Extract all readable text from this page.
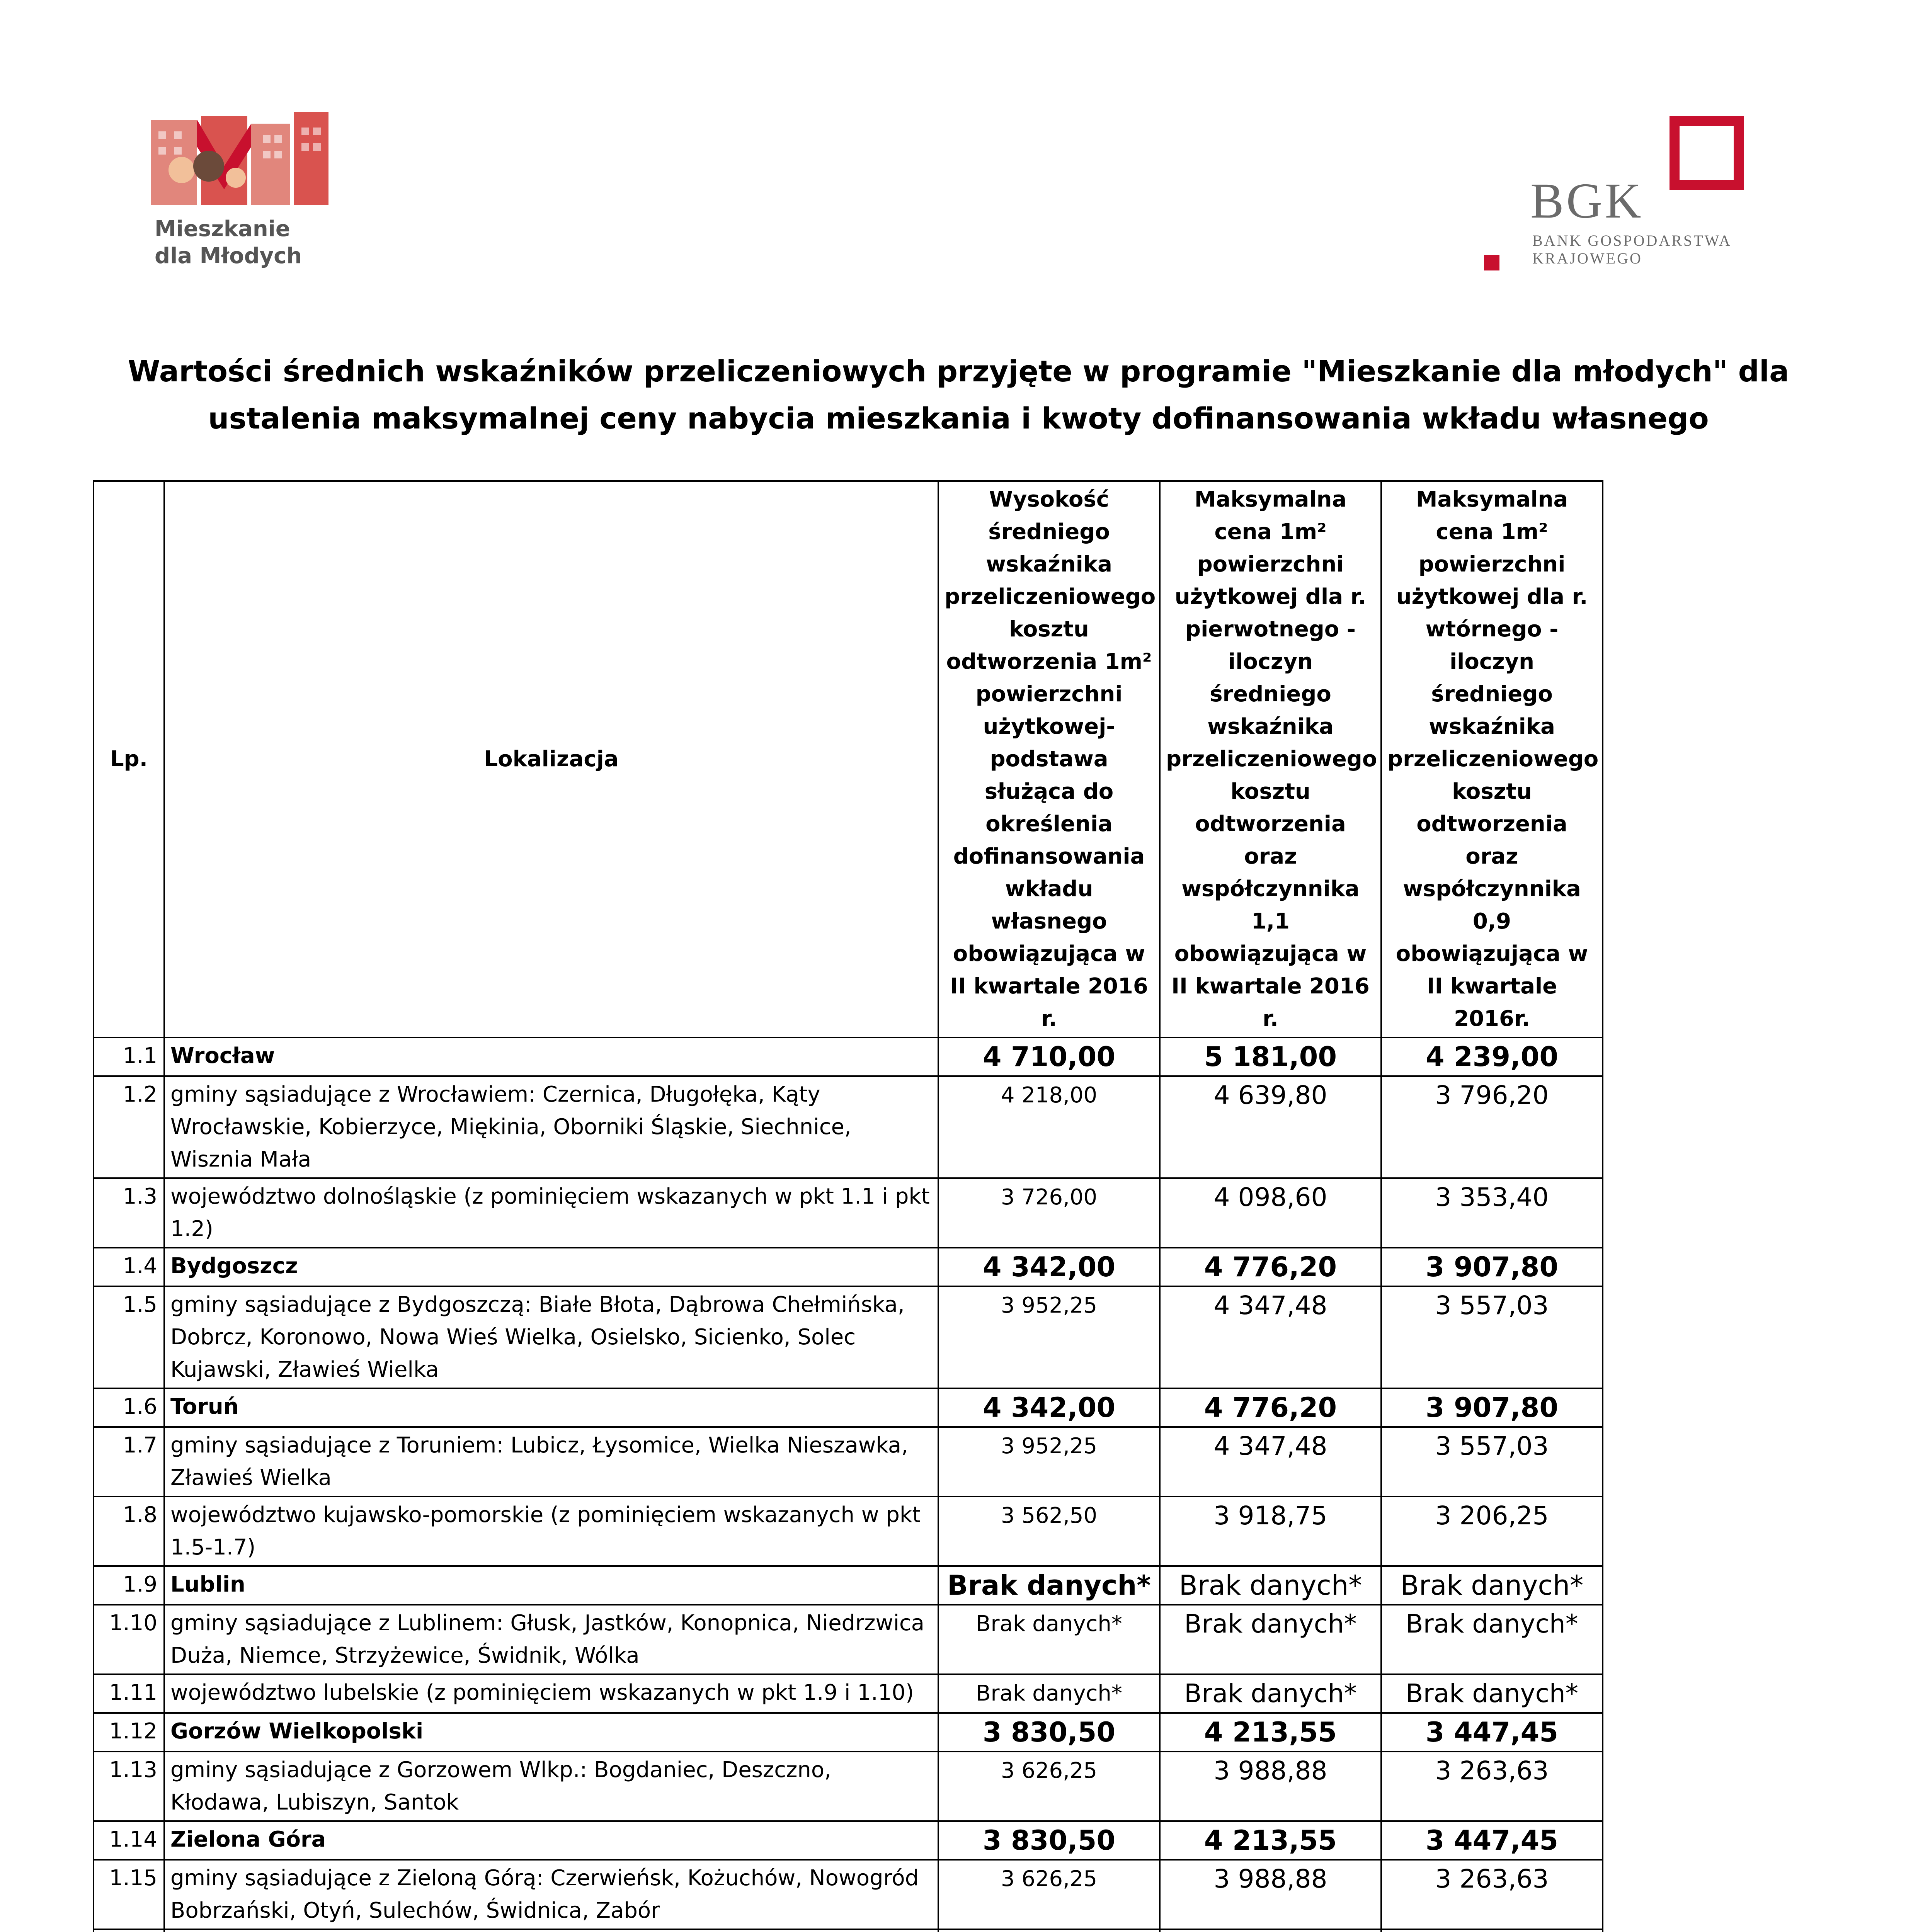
Mieszkanie
dla Młodych
BGK
BANK GOSPODARSTWA
KRAJOWEGO
Wartości średnich wskaźników przeliczeniowych przyjęte w programie "Mieszkanie dla młodych" dla ustalenia maksymalnej ceny nabycia mieszkania i kwoty dofinansowania wkładu własnego
Lp.	Lokalizacja	Wysokość średniego wskaźnika przeliczeniowego kosztu odtworzenia 1m² powierzchni użytkowej- podstawa służąca do określenia dofinansowania wkładu własnego obowiązująca w II kwartale 2016 r.	Maksymalna cena 1m² powierzchni użytkowej dla r. pierwotnego - iloczyn średniego wskaźnika przeliczeniowego kosztu odtworzenia oraz współczynnika 1,1 obowiązująca w II kwartale 2016 r.	Maksymalna cena 1m² powierzchni użytkowej dla r. wtórnego -iloczyn średniego wskaźnika przeliczeniowego kosztu odtworzenia oraz współczynnika 0,9 obowiązująca w II kwartale 2016r.	
1.1	Wrocław	4 710,00	5 181,00	4 239,00	
1.2	gminy sąsiadujące z Wrocławiem: Czernica, Długołęka, Kąty Wrocławskie, Kobierzyce, Miękinia, Oborniki Śląskie, Siechnice, Wisznia Mała	4 218,00	4 639,80	3 796,20	
1.3	województwo dolnośląskie (z pominięciem wskazanych w pkt 1.1 i pkt 1.2)	3 726,00	4 098,60	3 353,40	
1.4	Bydgoszcz	4 342,00	4 776,20	3 907,80	
1.5	gminy sąsiadujące z Bydgoszczą: Białe Błota, Dąbrowa Chełmińska, Dobrcz, Koronowo, Nowa Wieś Wielka, Osielsko, Sicienko, Solec Kujawski, Zławieś Wielka	3 952,25	4 347,48	3 557,03	
1.6	Toruń	4 342,00	4 776,20	3 907,80	
1.7	gminy sąsiadujące z Toruniem: Lubicz, Łysomice, Wielka Nieszawka, Zławieś Wielka	3 952,25	4 347,48	3 557,03	
1.8	województwo kujawsko-pomorskie (z pominięciem wskazanych w pkt 1.5-1.7)	3 562,50	3 918,75	3 206,25	
1.9	Lublin	Brak danych*	Brak danych*	Brak danych*	
1.10	gminy sąsiadujące z Lublinem: Głusk, Jastków, Konopnica, Niedrzwica Duża, Niemce, Strzyżewice, Świdnik, Wólka	Brak danych*	Brak danych*	Brak danych*	
1.11	województwo lubelskie (z pominięciem wskazanych w pkt 1.9 i 1.10)	Brak danych*	Brak danych*	Brak danych*	
1.12	Gorzów Wielkopolski	3 830,50	4 213,55	3 447,45	
1.13	gminy sąsiadujące z Gorzowem Wlkp.: Bogdaniec, Deszczno, Kłodawa, Lubiszyn, Santok	3 626,25	3 988,88	3 263,63	
1.14	Zielona Góra	3 830,50	4 213,55	3 447,45	
1.15	gminy sąsiadujące z Zieloną Górą: Czerwieńsk, Kożuchów, Nowogród Bobrzański, Otyń, Sulechów, Świdnica, Zabór	3 626,25	3 988,88	3 263,63	
